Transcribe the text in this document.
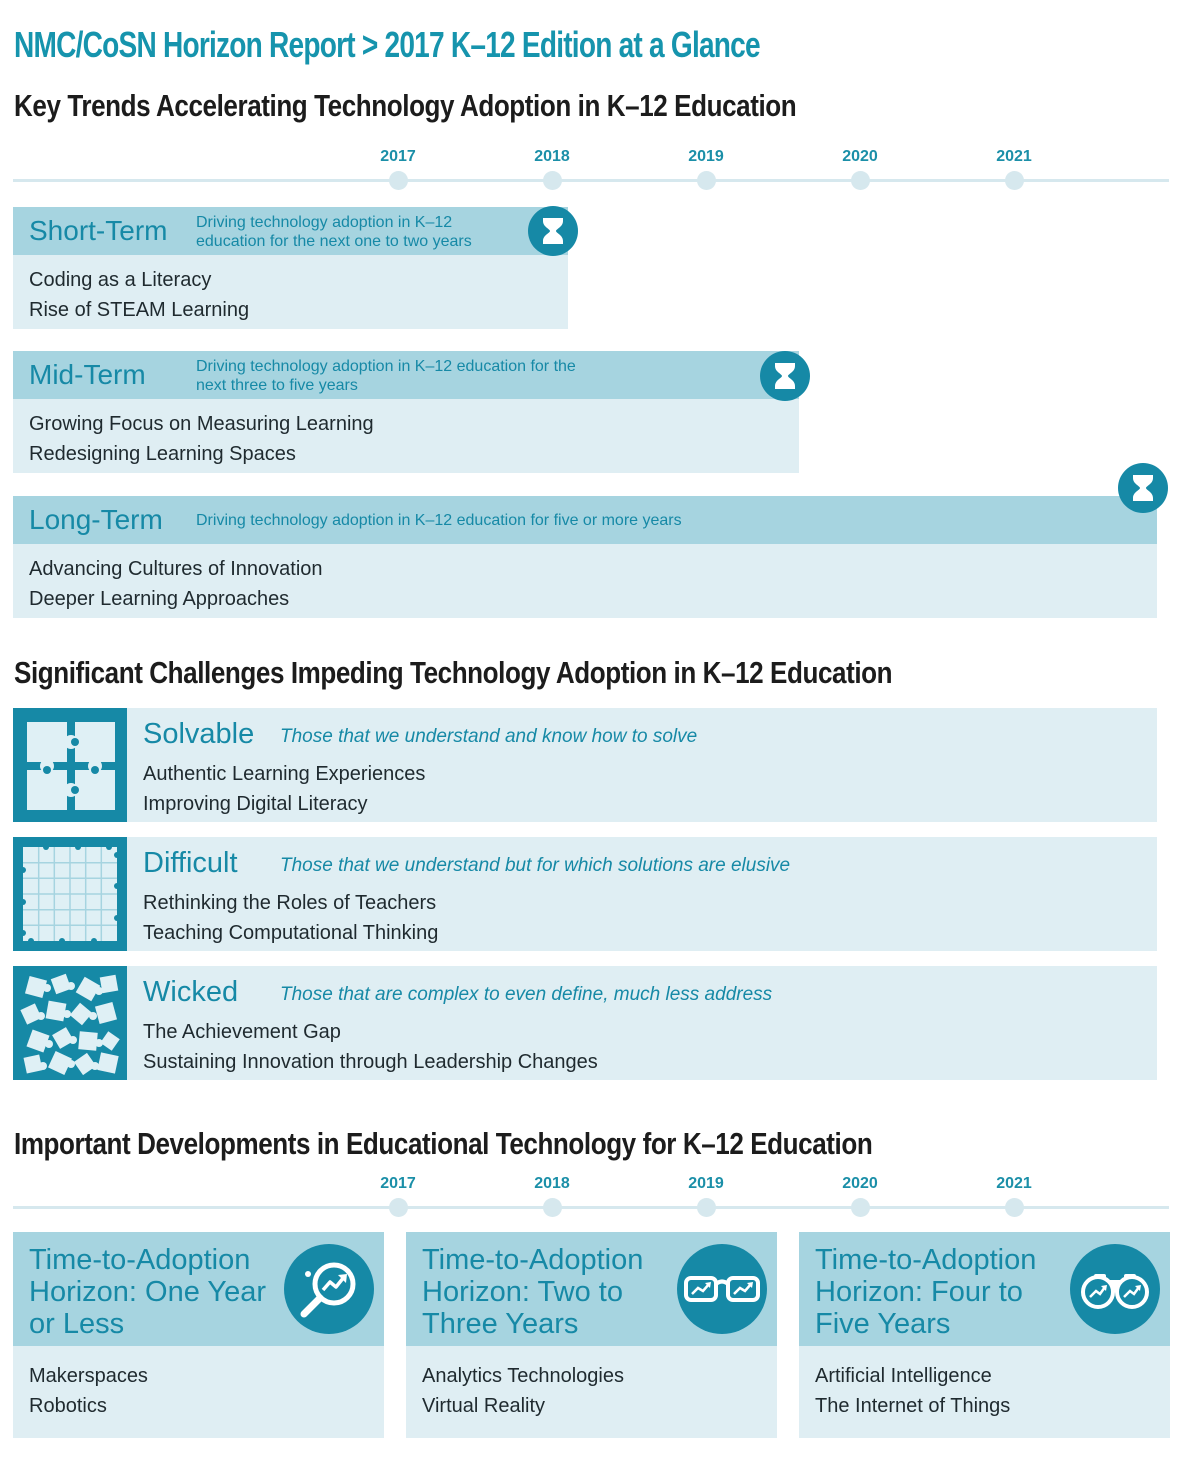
NMC/CoSN Horizon Report > 2017 K–12 Edition at a Glance
Key Trends Accelerating Technology Adoption in K–12 Education
2017	2018	2019	2020	2021
Short-Term Driving technology adoption in K–12 education for the next one to two years
Coding as a Literacy
Rise of STEAM Learning
Mid-Term	Driving technology adoption in K–12 education for the next three to five years
Growing Focus on Measuring Learning
Redesigning Learning Spaces
Long-Term Driving technology adoption in K–12 education for five or more years
Advancing Cultures of Innovation
Deeper Learning Approaches
Significant Challenges Impeding Technology Adoption in K–12 Education
Solvable Those that we understand and know how to solve
Authentic Learning Experiences
Improving Digital Literacy
Difficult Those that we understand but for which solutions are elusive
Rethinking the Roles of Teachers
Teaching Computational Thinking
Wicked Those that are complex to even define, much less address
The Achievement Gap
Sustaining Innovation through Leadership Changes
Important Developments in Educational Technology for K–12 Education
2017	2018	2019	2020	2021
Time-to-Adoption Horizon: One Year or Less
Makerspaces
Robotics
Time-to-Adoption Horizon: Two to Three Years
Analytics Technologies
Virtual Reality
Time-to-Adoption Horizon: Four to Five Years
Artificial Intelligence
The Internet of Things
